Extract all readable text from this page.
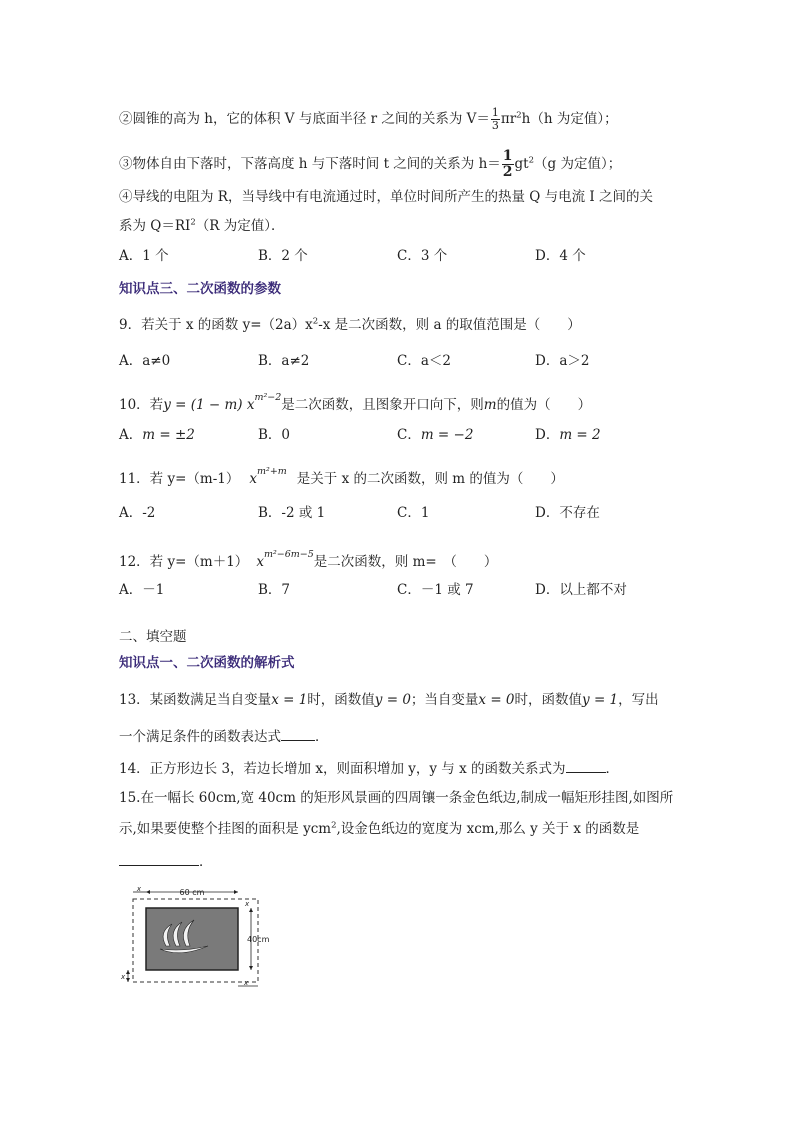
②圆锥的高为 h，它的体积 V 与底面半径 r 之间的关系为 $V= \frac{1}{3} \pi r^2h(h$ 为定值）；
③物体自由下落时，下落高度 h 与下落时间 t 之间的关系为 $h= \frac{1}{2} gt^2(g$ 为定值）；
④导线的电阻为 R，当导线中有电流通过时，单位时间所产生的热量 Q 与电流 I 之间的关
系为 $Q=RI^2(R$ 为定值）．
A．1 个	B．2 个	C．3 个	D．4 个
知识点三、二次函数的参数
9．若关于 x 的函数 $y=(2a)x^2-x$ 是二次函数，则 a 的取值范围是（　　）
A．a≠0	B．a≠2	C．a＜2	D．a＞2
10．若y = (1 − m) $x^{m^2-2}$是二次函数，且图象开口向下，则m的值为（　　）
A．m = ±2	B．0	C．m = −2	D．m = 2
11．若 y=（m-1） $x^{m^2+m}$ 是关于 x 的二次函数，则 m 的值为（　　）
A．-2	B．-2 或 1	C．1	D．不存在
12．若 y=（m＋1） $x^{m^2-6m-5}$是二次函数，则 m=　（　　）
A．－1	B．7	C．－1 或 7	D．以上都不对
二、填空题
知识点一、二次函数的解析式
13．某函数满足当自变量x = 1时，函数值y = 0；当自变量x = 0时，函数值y = 1，写出
一个满足条件的函数表达式	．
14．正方形边长 3，若边长增加 x，则面积增加 y，y 与 x 的函数关系式为	．
15.在一幅长 60cm,宽 40cm 的矩形风景画的四周镶一条金色纸边,制成一幅矩形挂图,如图所
示,如果要使整个挂图的面积是 ycm$^2$,设金色纸边的宽度为 xcm,那么 y 关于 x 的函数是
．
60 cm
x
40cm
x
x
x
